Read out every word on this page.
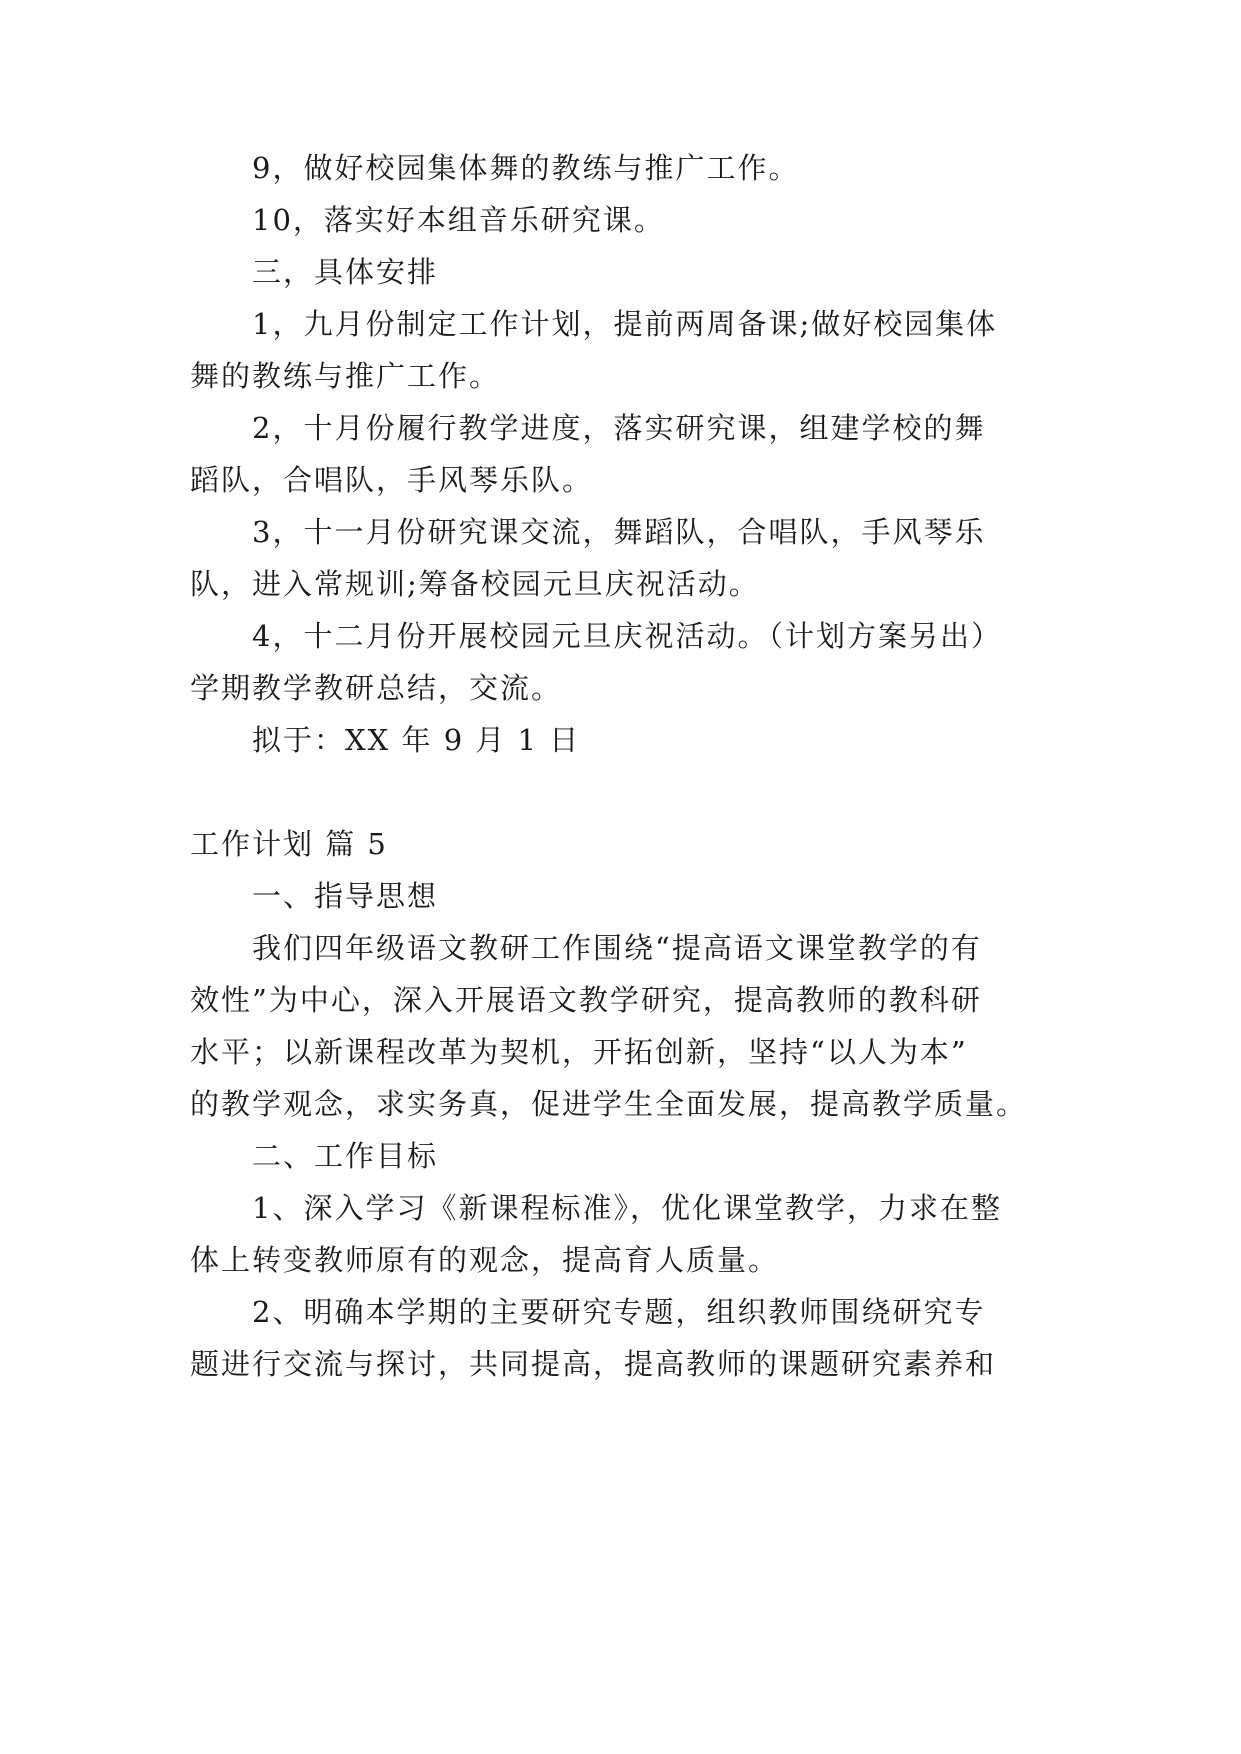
9，做好校园集体舞的教练与推广工作。
10，落实好本组音乐研究课。
三，具体安排
1，九月份制定工作计划，提前两周备课;做好校园集体
舞的教练与推广工作。
2，十月份履行教学进度，落实研究课，组建学校的舞
蹈队，合唱队，手风琴乐队。
3，十一月份研究课交流，舞蹈队，合唱队，手风琴乐
队，进入常规训;筹备校园元旦庆祝活动。
4，十二月份开展校园元旦庆祝活动。（计划方案另出）
学期教学教研总结，交流。
拟于：XX 年 9 月 1 日
工作计划 篇 5
一、指导思想
我们四年级语文教研工作围绕“提高语文课堂教学的有
效性”为中心，深入开展语文教学研究，提高教师的教科研
水平；以新课程改革为契机，开拓创新，坚持“以人为本”
的教学观念，求实务真，促进学生全面发展，提高教学质量。
二、工作目标
1、深入学习《新课程标准》，优化课堂教学，力求在整
体上转变教师原有的观念，提高育人质量。
2、明确本学期的主要研究专题，组织教师围绕研究专
题进行交流与探讨，共同提高，提高教师的课题研究素养和
